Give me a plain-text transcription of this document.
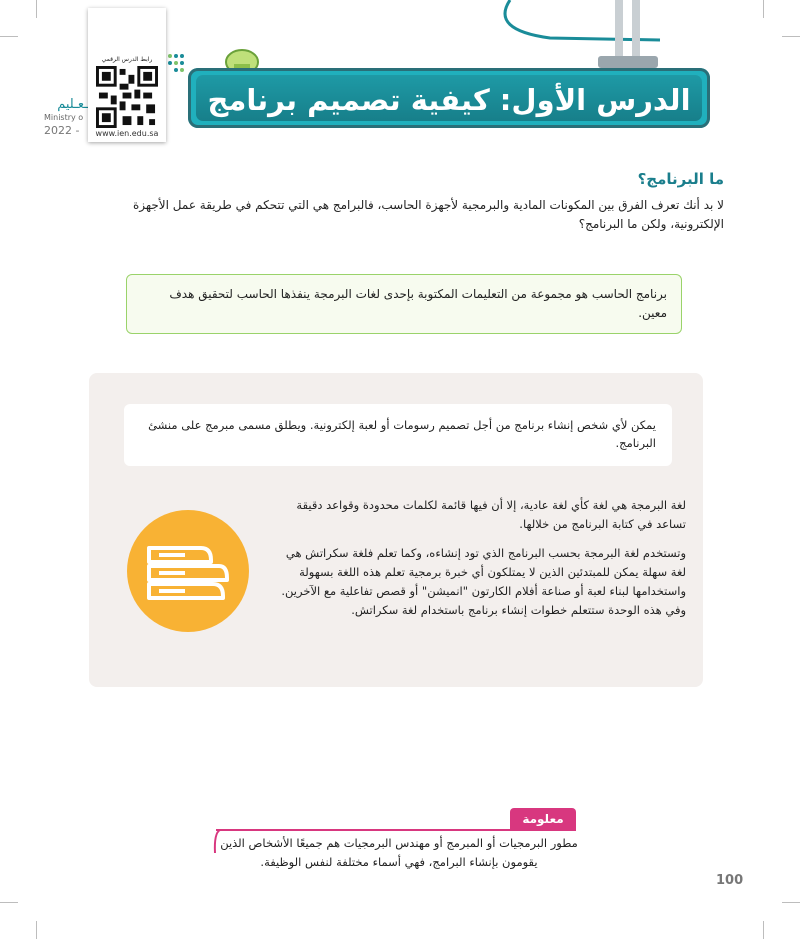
ـعـليم
Ministry o
2022 -
الدرس الأول: كيفية تصميم برنامج
رابط الدرس الرقمي
www.ien.edu.sa
ما البرنامج؟

لا بد أنك تعرف الفرق بين المكونات المادية والبرمجية لأجهزة الحاسب، فالبرامج هي التي تتحكم في طريقة عمل الأجهزة الإلكترونية، ولكن ما البرنامج؟

برنامج الحاسب هو مجموعة من التعليمات المكتوبة بإحدى لغات البرمجة ينفذها الحاسب لتحقيق هدف معين.

يمكن لأي شخص إنشاء برنامج من أجل تصميم رسومات أو لعبة إلكترونية. ويطلق مسمى مبرمج على منشئ البرنامج.

لغة البرمجة هي لغة كأي لغة عادية، إلا أن فيها قائمة لكلمات محدودة وقواعد دقيقة تساعد في كتابة البرنامج من خلالها.

وتستخدم لغة البرمجة بحسب البرنامج الذي تود إنشاءه، وكما تعلم فلغة سكراتش هي لغة سهلة يمكن للمبتدئين الذين لا يمتلكون أي خبرة برمجية تعلم هذه اللغة بسهولة واستخدامها لبناء لعبة أو صناعة أفلام الكارتون "انميشن" أو قصص تفاعلية مع الآخرين. وفي هذه الوحدة ستتعلم خطوات إنشاء برنامج باستخدام لغة سكراتش.

معلومة
مطور البرمجيات أو المبرمج أو مهندس البرمجيات هم جميعًا الأشخاص الذين يقومون بإنشاء البرامج، فهي أسماء مختلفة لنفس الوظيفة.
100
